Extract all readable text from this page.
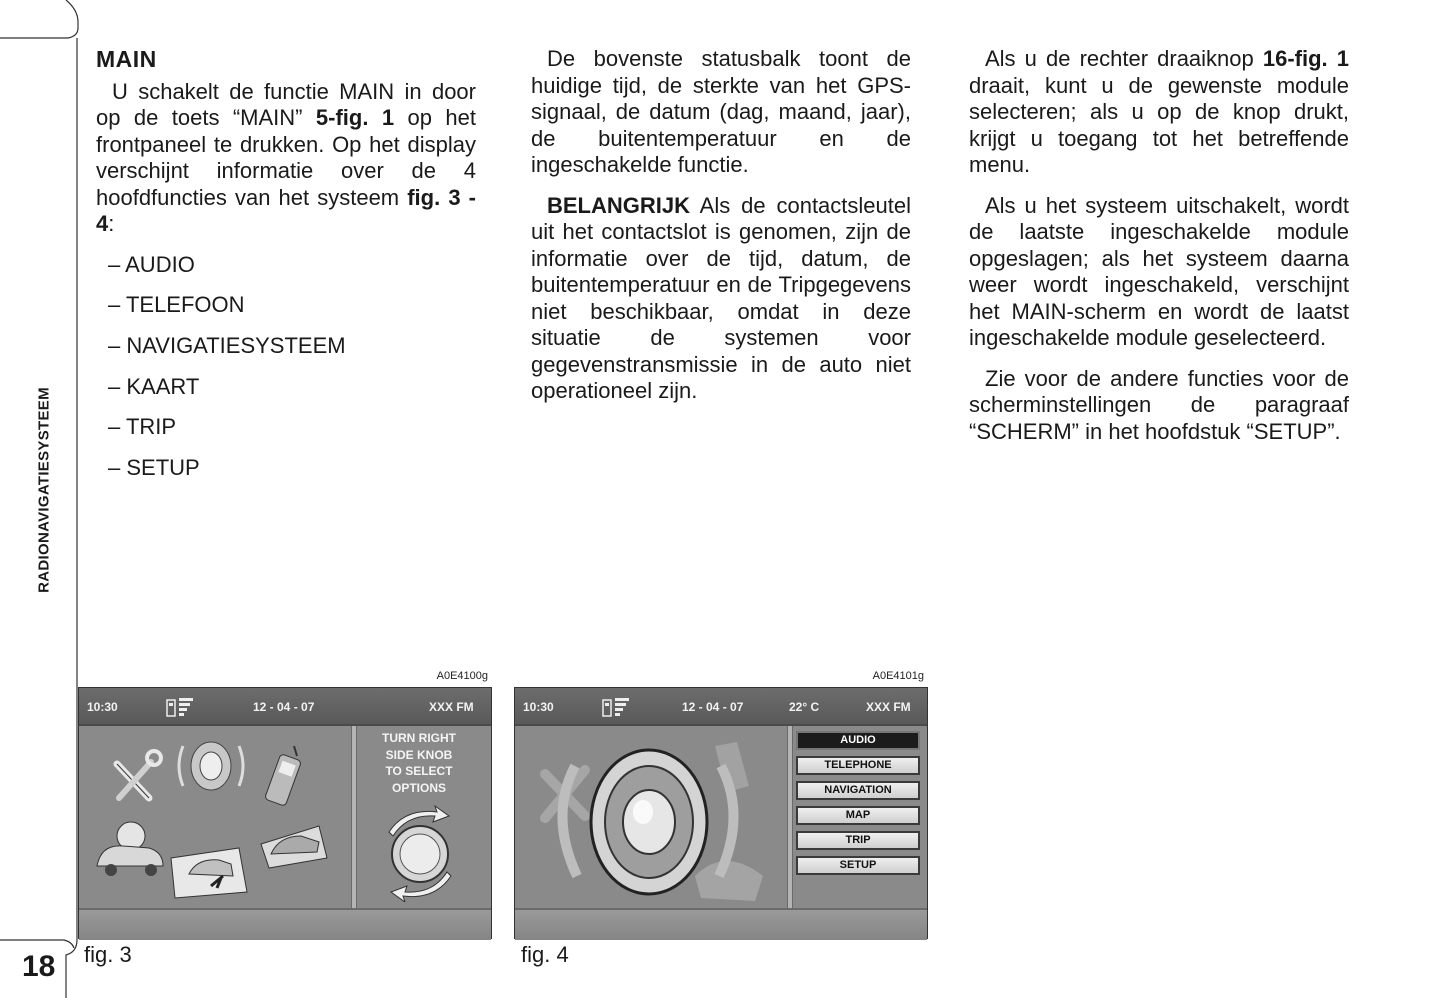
RADIONAVIGATIESYSTEEM
18
MAIN

U schakelt de functie MAIN in door op de toets “MAIN” 5-fig. 1 op het frontpaneel te drukken. Op het display verschijnt informatie over de 4 hoofdfuncties van het systeem fig. 3 - 4:

– AUDIO
– TELEFOON
– NAVIGATIESYSTEEM
– KAART
– TRIP
– SETUP

De bovenste statusbalk toont de huidige tijd, de sterkte van het GPS-signaal, de datum (dag, maand, jaar), de buitentemperatuur en de ingeschakelde functie.

BELANGRIJK Als de contactsleutel uit het contactslot is genomen, zijn de informatie over de tijd, datum, de buitentemperatuur en de Tripgegevens niet beschikbaar, omdat in deze situatie de systemen voor gegevenstransmissie in de auto niet operationeel zijn.

Als u de rechter draaiknop 16-fig. 1 draait, kunt u de gewenste module selecteren; als u op de knop drukt, krijgt u toegang tot het betreffende menu.

Als u het systeem uitschakelt, wordt de laatste ingeschakelde module opgeslagen; als het systeem daarna weer wordt ingeschakeld, verschijnt het MAIN-scherm en wordt de laatst ingeschakelde module geselecteerd.

Zie voor de andere functies voor de scherminstellingen de paragraaf “SCHERM” in het hoofdstuk “SETUP”.

A0E4100g
10:30	12 - 04 - 07	XXX FM
TURN RIGHT
SIDE KNOB
TO SELECT
OPTIONS
fig. 3
A0E4101g
10:30	12 - 04 - 07	22° C	XXX FM
AUDIO
TELEPHONE
NAVIGATION
MAP
TRIP
SETUP
fig. 4
